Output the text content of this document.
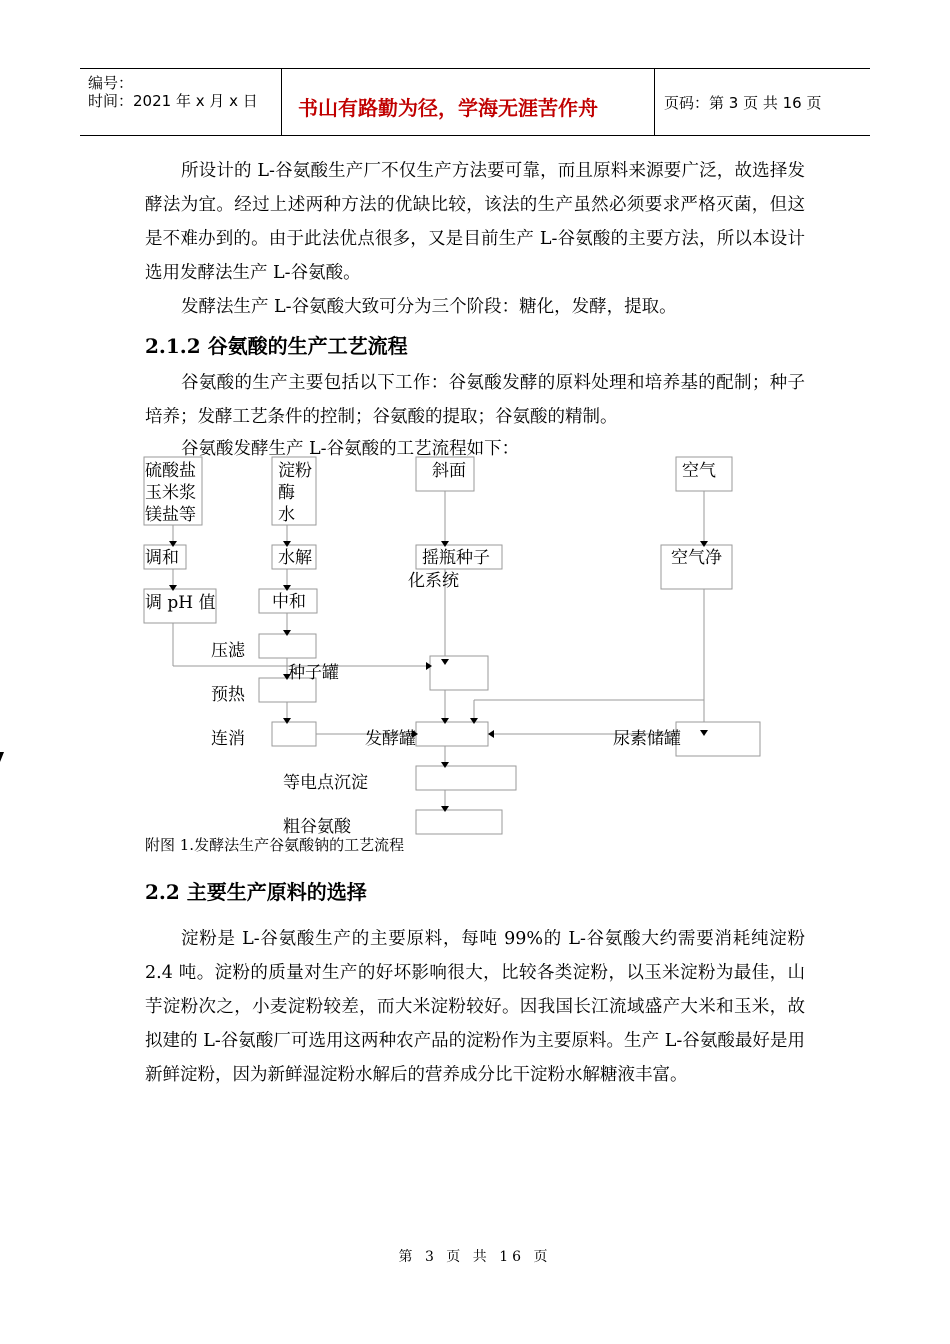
编号：
时间：2021 年 x 月 x 日 书山有路勤为径，学海无涯苦作舟	页码：第 3 页 共 16 页
所设计的 L-谷氨酸生产厂不仅生产方法要可靠，而且原料来源要广泛，故选择发酵法为宜。经过上述两种方法的优缺比较，该法的生产虽然必须要求严格灭菌，但这是不难办到的。由于此法优点很多，又是目前生产 L-谷氨酸的主要方法，所以本设计选用发酵法生产 L-谷氨酸。
发酵法生产 L-谷氨酸大致可分为三个阶段：糖化，发酵，提取。
2.1.2 谷氨酸的生产工艺流程
谷氨酸的生产主要包括以下工作：谷氨酸发酵的原料处理和培养基的配制；种子培养；发酵工艺条件的控制；谷氨酸的提取；谷氨酸的精制。
谷氨酸发酵生产 L-谷氨酸的工艺流程如下：
硫酸盐
玉米浆
镁盐等
淀粉
酶
水
斜面	空气
调和	水解	摇瓶种子	空气净
化系统
调 pH 值	中和
压滤
种子罐
预热
连消	发酵罐	尿素储罐
等电点沉淀
粗谷氨酸
附图 1.发酵法生产谷氨酸钠的工艺流程
2.2 主要生产原料的选择
淀粉是 L-谷氨酸生产的主要原料，每吨 99%的 L-谷氨酸大约需要消耗纯淀粉 2.4 吨。淀粉的质量对生产的好坏影响很大，比较各类淀粉，以玉米淀粉为最佳，山芋淀粉次之，小麦淀粉较差，而大米淀粉较好。因我国长江流域盛产大米和玉米，故拟建的 L-谷氨酸厂可选用这两种农产品的淀粉作为主要原料。生产 L-谷氨酸最好是用新鲜淀粉，因为新鲜湿淀粉水解后的营养成分比干淀粉水解糖液丰富。
第 3 页 共 16 页
